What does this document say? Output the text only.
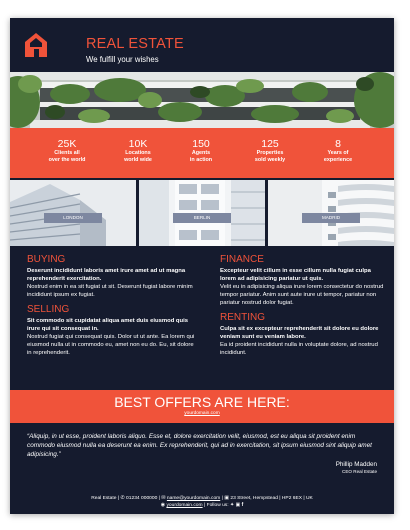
REAL ESTATE
We fulfill your wishes
25K
Clients all
over the world
10K
Locations
world wide
150
Agents
in action
125
Properties
sold weekly
8
Years of
experience
LONDON	BERLIN	MADRID
BUYING
Deserunt incididunt laboris amet irure amet ad ut magna reprehenderit exercitation.
Nostrud enim in ea sit fugiat ut sit. Deserunt fugiat labore minim incididunt ipsum ex fugiat.
SELLING
Sit commodo sit cupidatat aliqua amet duis eiusmod quis irure qui sit consequat in.
Nostrud fugiat qui consequat quis. Dolor ut ut ante. Ea lorem qui eiusmod nulla ut in commodo eu, amet non eu do. Eu, sit dolore in reprehenderit.
FINANCE
Excepteur velit cillum in esse cillum nulla fugiat culpa lorem ad adipisicing pariatur ut quis.
Velit eu in adipisicing aliqua irure lorem consectetur do nostrud tempor pariatur. Anim sunt aute irure ut tempor, pariatur non pariatur nostrud dolor fugiat.
RENTING
Culpa sit ex excepteur reprehenderit sit dolore eu dolore veniam sunt eu veniam labore.
Ea id proident incididunt nulla in voluptate dolore, ad nostrud incididunt.
BEST OFFERS ARE HERE:
yourdomain.com
“Aliquip, in ut esse, proident laboris aliquo. Esse et, dolore exercitation velit, eiusmod, est eu aliqua sit proident enim commodo eiusmod nulla ea deserunt ea enim. Ex reprehenderit, qui ad in exercitation, sit ipsum eiusmod sint aliquip amet adipisicing.”
Phillip Madden
CEO Real Estate
Real Estate | ✆ 01234 000000 | ✉ name@yourdomain.com | ▣ 23 Street, Hempstead | HP2 6EX | UK
◉ yourdomain.com | Follow us: ✦ ▣ f
